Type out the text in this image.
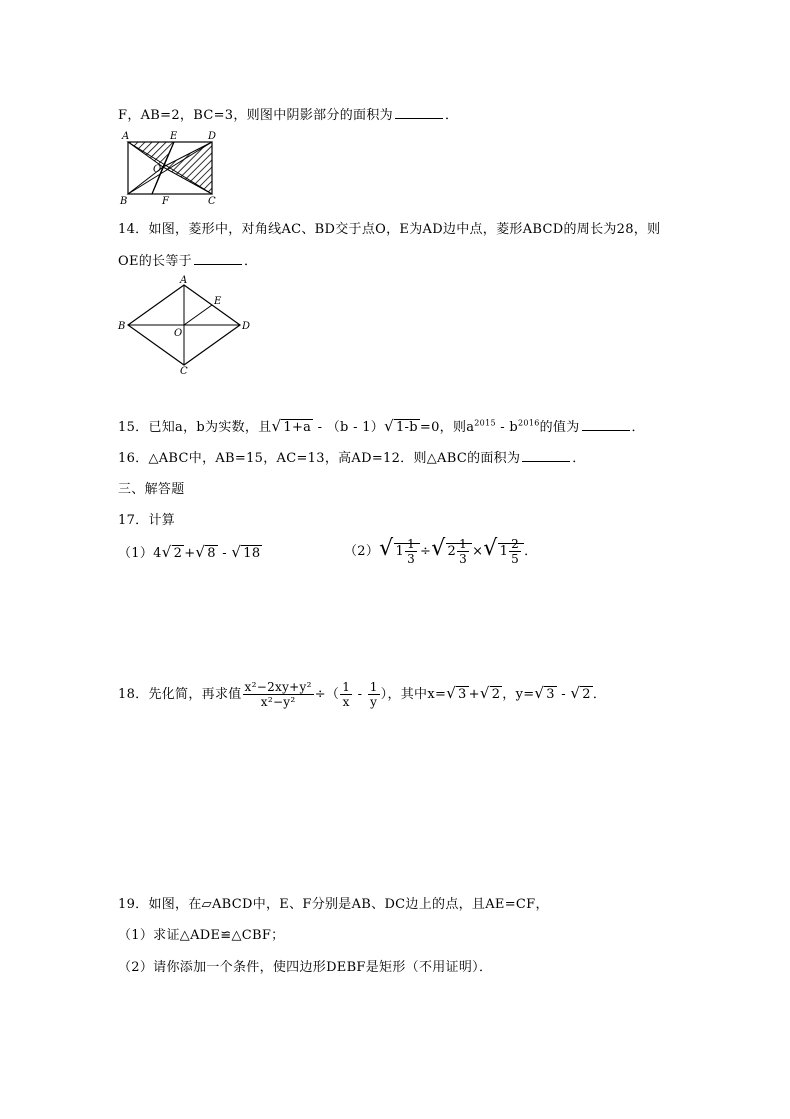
F，AB=2，BC=3，则图中阴影部分的面积为	．
A	E	D
O
B	F	C
14．如图，菱形中，对角线AC、BD交于点O，E为AD边中点，菱形ABCD的周长为28，则
OE的长等于	．
A
E
B
O
D
C
15．已知a，b为实数，且√ 1+a - （b - 1）√ 1-b =0，则$a^{2015} - b^{2016}$的值为	．
16．△ABC中，AB=15，AC=13，高AD=12．则△ABC的面积为	．
三、解答题
17．计算
（1）4√ 2 +√ 8 - √ 18	（2）√ $1 \frac{1}{3}$ ÷√ $2 \frac{1}{3}$ ×√ $1 \frac{2}{5}$ ．
18．先化简，再求值 $\frac{\text{x²−2xy+y²}}{\text{x²−y²}}$ ÷（ $\frac{1}{x} - \frac{1}{y}$ ），其中x=√ 3 +√ 2 ，y=√ 3 - √ 2 ．
19．如图，在▱ABCD中，E、F分别是AB、DC边上的点，且AE=CF，
（1）求证△ADE≌△CBF；
（2）请你添加一个条件，使四边形DEBF是矩形（不用证明）．
